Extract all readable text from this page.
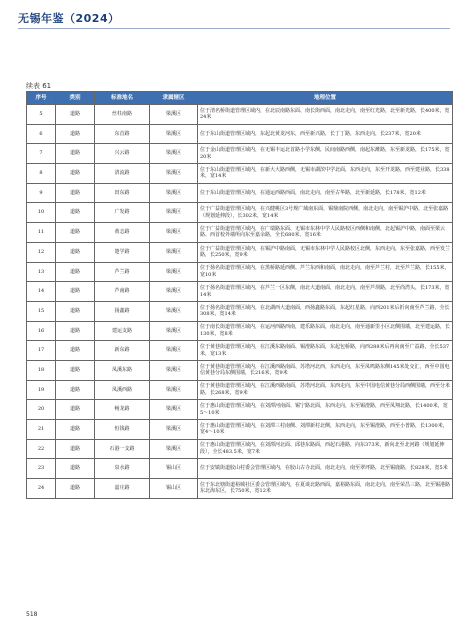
无锡年鉴（2024）
续表 61
序号	类别	标准地名	隶属辖区	地理位置
5	道路	丝柱南路	梁溪区	位于清名桥街道管理区域内，在北辰南路东面、南长街西面，南北走向，南至红光路，北至新光路，长400米，宽24米
6	道路	东首路	梁溪区	位于东山街道管理区域内，东起北黄龙河东，西至新兴路，长丁丁路，东西走向，长237米，宽20米
7	道路	兴云路	梁溪区	位于金山街道管理区域内，在无锡丰运北首路小学东侧，民间南路西侧，南起东潍路，东至新龙路，长175米，宽20米
8	道路	清流路	梁溪区	位于东山街道管理区域内，在新大大路西侧，无锡市湖滨中学北面，东西走向，东至开龙路，西至建业路，长338米，宽14米
9	道路	田东路	梁溪区	位于东山街道管理区域内，在通运西路西面，南北走向，南至古华路，北至新延路，长178米，宽12米
10	道路	广发路	梁溪区	位于广益街道管理区域内，在兴健桃区3号规广域南东面，锡鼎南院西侧，南北走向，南至锡沪中路，北至张嘉路（规划延伸段），长302米，宽14米
11	道路	黄志路	梁溪区	位于广益街道管理区域内，在广瑞路东面、无锡市东林中学人民路校区西侧和南侧，北起锡沪中路，南面至栗云路、西首校外墙所向东至嘉余路，全长680米，宽16米
12	道路	楚学路	梁溪区	位于广益街道管理区域内，在锡沪中路南面，无锡市东林中学人民路校区北侧，东西走向，东至张嘉路，西至发兰路，长250米，宽9米
13	道路	芦兰路	梁溪区	位于扬名街道管理区域内，在黑桥路延西侧、芦兰东西和南面，南北走向，南至芦兰村，北至芦兰路，长155米，宽10米
14	道路	芦南路	梁溪区	位于扬名街道管理区域内，在芦兰一区东侧，南北大道南面，南北走向，南至芦坝路，北至尚湾头，长173米，宽14米
15	道路	扬鑫路	梁溪区	位于扬名街道管理区域内，在北湖西大道南面，西扬鑫路东面，东起红星路，向西201米后折向南至芦兰路，全长308米，宽14米
16	道路	建运支路	梁溪区	位于南长街道管理区域内，在运河西路西南，建乐路东面，南北走向，南至通新里小区北侧围墙，北至建运路，长130米，宽8米
17	道路	新东路	梁溪区	位于黄巷街道管理区域内，在江溪东路南面、锡澄路东面，东起包桥路，向西288米后再向南至广益路，全长537米，宽13米
18	道路	凤溪东路	梁溪区	位于黄巷街道管理区域内，在江溪西路南面、苏塔河北西，东西走向，东至凤鸣路东侧145米处交汇，西至中国电信黄巷分局东侧围墙，长216米，宽9米
19	道路	凤溪西路	梁溪区	位于黄巷街道管理区域内，在江溪西路南面，苏塔河北面，东西走向，东至中国电信黄巷分局西侧围墙，西至分米路，长268米，宽9米
20	道路	畅龙路	梁溪区	位于惠山街道管理区域内，在刘潭河南面、锡宁路北面，东西走向，东至锡澄路，西至凤翔北路，长1400米，宽5～10米
21	道路	恒钱路	梁溪区	位于惠山街道管理区域内，在刘潭三村南侧、刘潭新村北侧，东西走向，东至锡澄路，西至小普路，长1300米，宽4～10米
22	道路	石港一支路	梁溪区	位于惠山街道管理区域内，在刘潭河北面、邱巷东路面，西起石港路，向东373米，新向北至北河路（规划延伸段），全长483.5米，宽7米
23	道路	泉水路	锡山区	位于安镇街道胶山村委会管理区域内，在胶山古寺北面，南北走向，南至翠坪路，北至锡鹿路，长828米，宽5米
24	道路	嘉庄路	锡山区	位于东北塘街道裕城社区委会管理区域内，在夏谈北路西面，嘉裕路东面，南北走向，南至荣昌三路，北至锡港路东北海东区，长750米，宽12米
518
